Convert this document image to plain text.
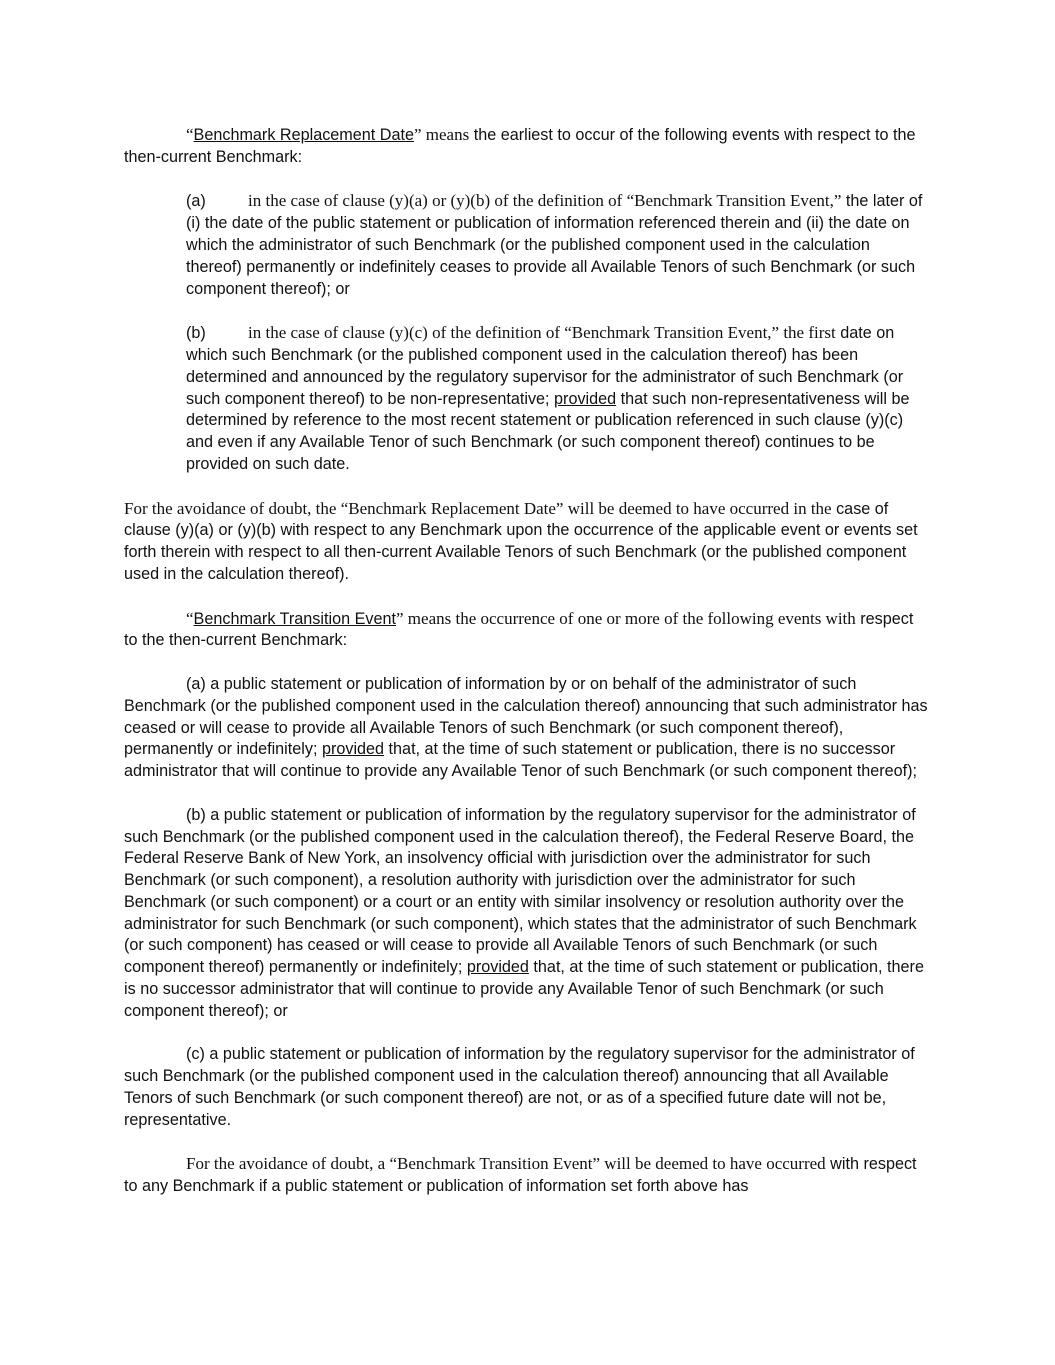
“Benchmark Replacement Date” means the earliest to occur of the following events with respect to the then-current Benchmark:

(a) in the case of clause (y)(a) or (y)(b) of the definition of “Benchmark Transition Event,” the later of (i) the date of the public statement or publication of information referenced therein and (ii) the date on which the administrator of such Benchmark (or the published component used in the calculation thereof) permanently or indefinitely ceases to provide all Available Tenors of such Benchmark (or such component thereof); or

(b) in the case of clause (y)(c) of the definition of “Benchmark Transition Event,” the first date on which such Benchmark (or the published component used in the calculation thereof) has been determined and announced by the regulatory supervisor for the administrator of such Benchmark (or such component thereof) to be non-representative; provided that such non-representativeness will be determined by reference to the most recent statement or publication referenced in such clause (y)(c) and even if any Available Tenor of such Benchmark (or such component thereof) continues to be provided on such date.

For the avoidance of doubt, the “Benchmark Replacement Date” will be deemed to have occurred in the case of clause (y)(a) or (y)(b) with respect to any Benchmark upon the occurrence of the applicable event or events set forth therein with respect to all then-current Available Tenors of such Benchmark (or the published component used in the calculation thereof).

“Benchmark Transition Event” means the occurrence of one or more of the following events with respect to the then-current Benchmark:

(a) a public statement or publication of information by or on behalf of the administrator of such Benchmark (or the published component used in the calculation thereof) announcing that such administrator has ceased or will cease to provide all Available Tenors of such Benchmark (or such component thereof), permanently or indefinitely; provided that, at the time of such statement or publication, there is no successor administrator that will continue to provide any Available Tenor of such Benchmark (or such component thereof);

(b) a public statement or publication of information by the regulatory supervisor for the administrator of such Benchmark (or the published component used in the calculation thereof), the Federal Reserve Board, the Federal Reserve Bank of New York, an insolvency official with jurisdiction over the administrator for such Benchmark (or such component), a resolution authority with jurisdiction over the administrator for such Benchmark (or such component) or a court or an entity with similar insolvency or resolution authority over the administrator for such Benchmark (or such component), which states that the administrator of such Benchmark (or such component) has ceased or will cease to provide all Available Tenors of such Benchmark (or such component thereof) permanently or indefinitely; provided that, at the time of such statement or publication, there is no successor administrator that will continue to provide any Available Tenor of such Benchmark (or such component thereof); or

(c) a public statement or publication of information by the regulatory supervisor for the administrator of such Benchmark (or the published component used in the calculation thereof) announcing that all Available Tenors of such Benchmark (or such component thereof) are not, or as of a specified future date will not be, representative.

For the avoidance of doubt, a “Benchmark Transition Event” will be deemed to have occurred with respect to any Benchmark if a public statement or publication of information set forth above has
